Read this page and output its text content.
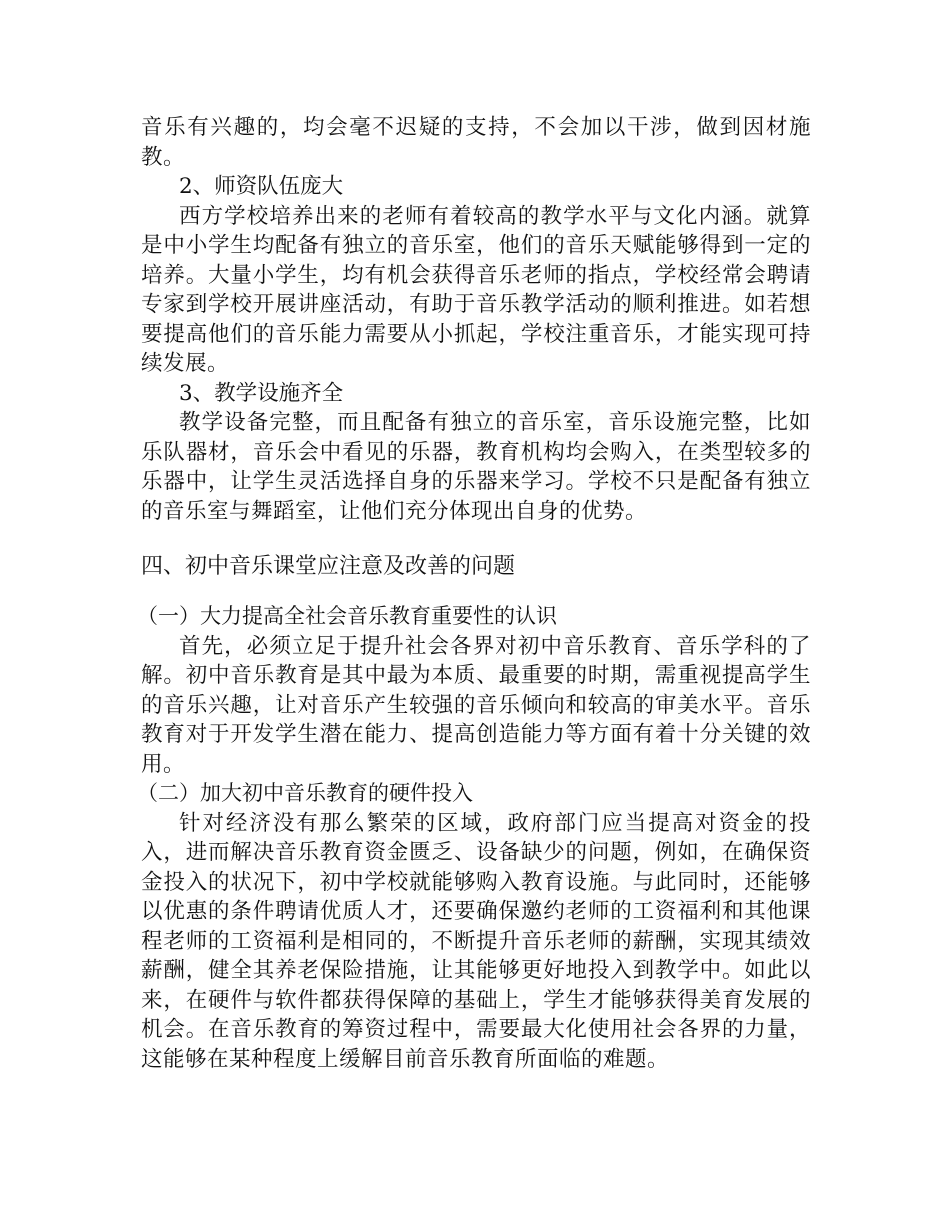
音乐有兴趣的，均会毫不迟疑的支持，不会加以干涉，做到因材施教。

2、师资队伍庞大

西方学校培养出来的老师有着较高的教学水平与文化内涵。就算是中小学生均配备有独立的音乐室，他们的音乐天赋能够得到一定的培养。大量小学生，均有机会获得音乐老师的指点，学校经常会聘请专家到学校开展讲座活动，有助于音乐教学活动的顺利推进。如若想要提高他们的音乐能力需要从小抓起，学校注重音乐，才能实现可持续发展。

3、教学设施齐全

教学设备完整，而且配备有独立的音乐室，音乐设施完整，比如乐队器材，音乐会中看见的乐器，教育机构均会购入，在类型较多的乐器中，让学生灵活选择自身的乐器来学习。学校不只是配备有独立的音乐室与舞蹈室，让他们充分体现出自身的优势。

四、初中音乐课堂应注意及改善的问题

（一）大力提高全社会音乐教育重要性的认识

首先，必须立足于提升社会各界对初中音乐教育、音乐学科的了解。初中音乐教育是其中最为本质、最重要的时期，需重视提高学生的音乐兴趣，让对音乐产生较强的音乐倾向和较高的审美水平。音乐教育对于开发学生潜在能力、提高创造能力等方面有着十分关键的效用。

（二）加大初中音乐教育的硬件投入

针对经济没有那么繁荣的区域，政府部门应当提高对资金的投入，进而解决音乐教育资金匮乏、设备缺少的问题，例如，在确保资金投入的状况下，初中学校就能够购入教育设施。与此同时，还能够以优惠的条件聘请优质人才，还要确保邀约老师的工资福利和其他课程老师的工资福利是相同的，不断提升音乐老师的薪酬，实现其绩效薪酬，健全其养老保险措施，让其能够更好地投入到教学中。如此以来，在硬件与软件都获得保障的基础上，学生才能够获得美育发展的机会。在音乐教育的筹资过程中，需要最大化使用社会各界的力量，这能够在某种程度上缓解目前音乐教育所面临的难题。
